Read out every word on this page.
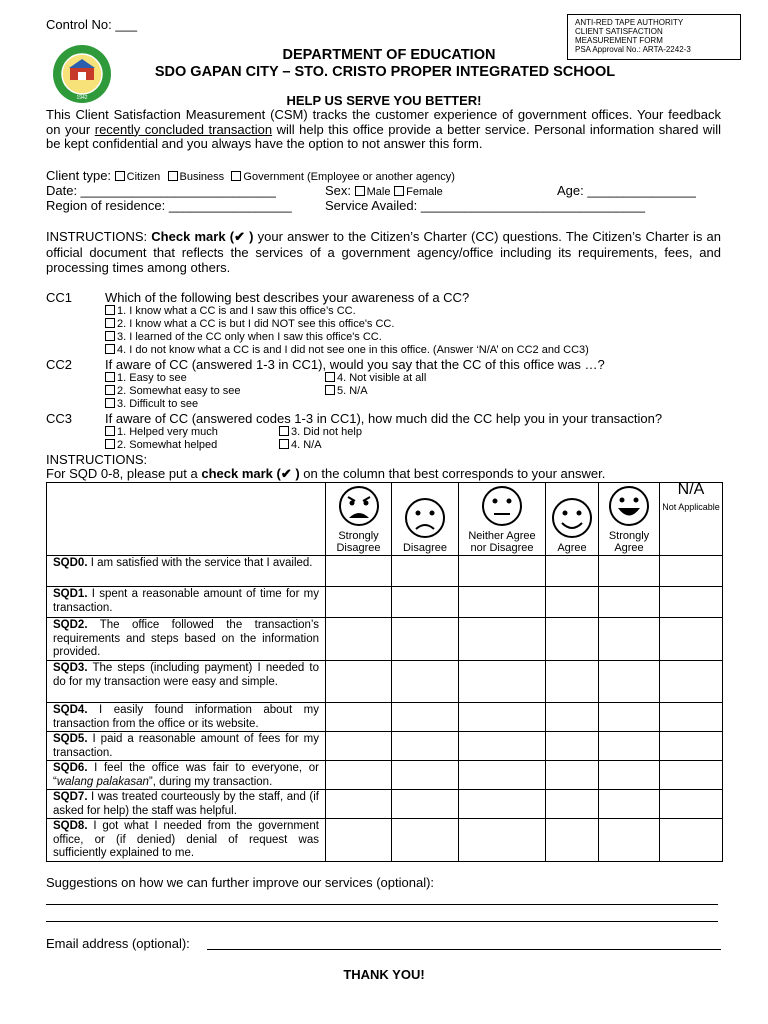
Control No: ___	ANTI-RED TAPE AUTHORITY
CLIENT SATISFACTION
MEASUREMENT FORM
PSA Approval No.: ARTA-2242-3
1942
DEPARTMENT OF EDUCATION
SDO GAPAN CITY – STO. CRISTO PROPER INTEGRATED SCHOOL
HELP US SERVE YOU BETTER!
This Client Satisfaction Measurement (CSM) tracks the customer experience of government offices. Your feedback on your recently concluded transaction will help this office provide a better service. Personal information shared will be kept confidential and you always have the option to not answer this form.
Client type: Citizen Business Government (Employee or another agency)
Date: ___________________________	Sex: Male Female	Age: _______________
Region of residence: _________________	Service Availed: _______________________________
INSTRUCTIONS: Check mark (✔ ) your answer to the Citizen’s Charter (CC) questions. The Citizen’s Charter is an official document that reflects the services of a government agency/office including its requirements, fees, and processing times among others.
CC1	Which of the following best describes your awareness of a CC?
1. I know what a CC is and I saw this office’s CC.
2. I know what a CC is but I did NOT see this office's CC.
3. I learned of the CC only when I saw this office's CC.
4. I do not know what a CC is and I did not see one in this office. (Answer ‘N/A’ on CC2 and CC3)
CC2	If aware of CC (answered 1-3 in CC1), would you say that the CC of this office was …?
1. Easy to see	4. Not visible at all
2. Somewhat easy to see	5. N/A
3. Difficult to see
CC3	If aware of CC (answered codes 1-3 in CC1), how much did the CC help you in your transaction?
1. Helped very much	3. Did not help
2. Somewhat helped	4. N/A
INSTRUCTIONS:
For SQD 0-8, please put a check mark (✔ ) on the column that best corresponds to your answer.

Strongly Disagree	Disagree	Neither Agree nor Disagree	Agree	Strongly Agree	N/A
Not Applicable

SQD0. I am satisfied with the service that I availed.						
SQD1. I spent a reasonable amount of time for my transaction.						
SQD2. The office followed the transaction’s requirements and steps based on the information provided.						
SQD3. The steps (including payment) I needed to do for my transaction were easy and simple.						
SQD4. I easily found information about my transaction from the office or its website.						
SQD5. I paid a reasonable amount of fees for my transaction.						
SQD6. I feel the office was fair to everyone, or “walang palakasan”, during my transaction.						
SQD7. I was treated courteously by the staff, and (if asked for help) the staff was helpful.						
SQD8. I got what I needed from the government office, or (if denied) denial of request was sufficiently explained to me.						
Suggestions on how we can further improve our services (optional):
Email address (optional):
THANK YOU!
